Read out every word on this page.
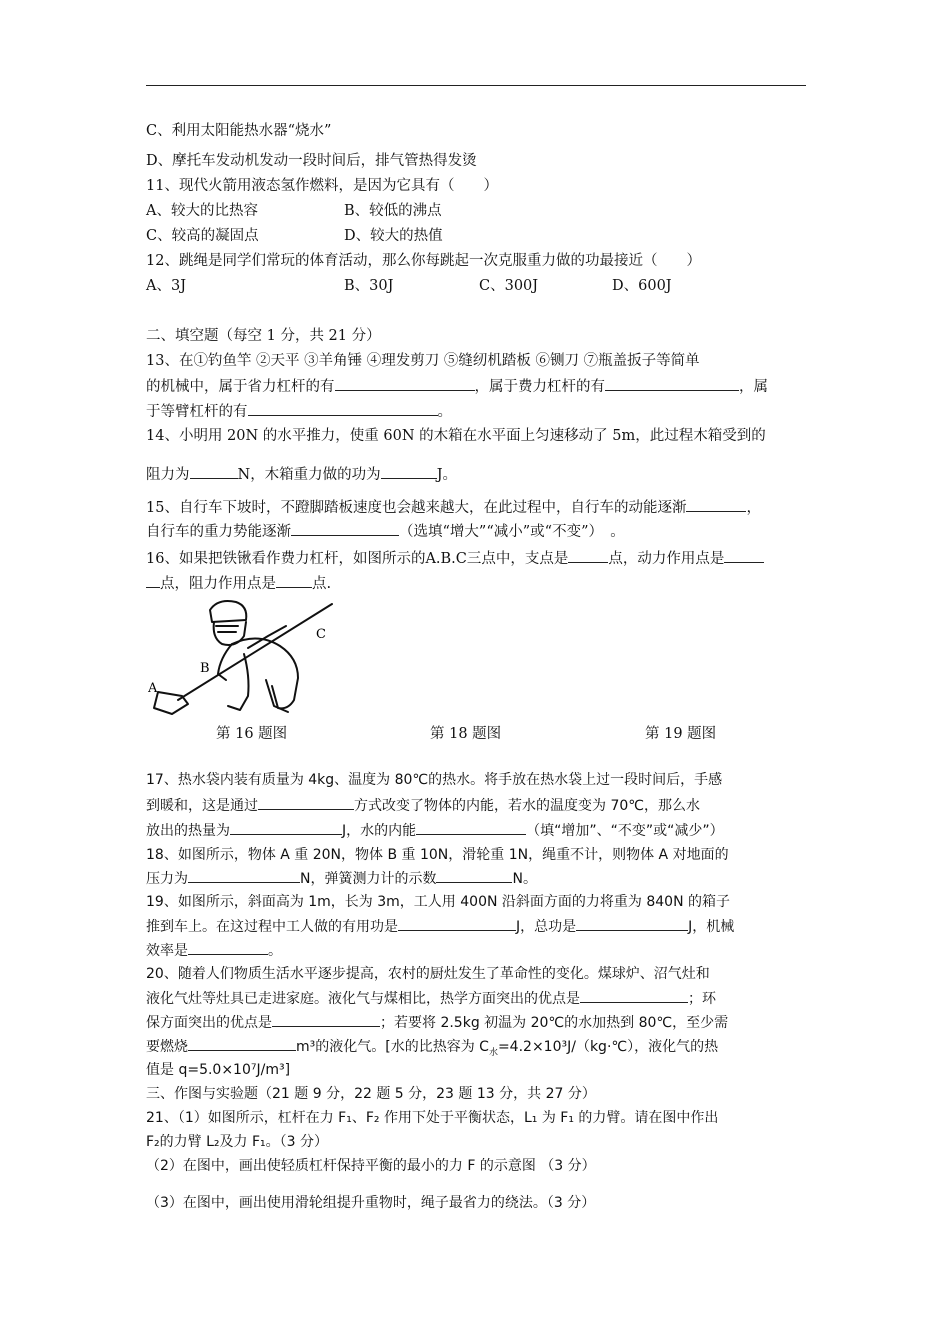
C、利用太阳能热水器“烧水”
D、摩托车发动机发动一段时间后，排气管热得发烫
11、现代火箭用液态氢作燃料，是因为它具有（　　）
A、较大的比热容	B、较低的沸点
C、较高的凝固点	D、较大的热值
12、跳绳是同学们常玩的体育活动，那么你每跳起一次克服重力做的功最接近（　　）
A、3J	B、30J	C、300J	D、600J
二、填空题（每空 1 分，共 21 分）
13、在①钓鱼竿 ②天平 ③羊角锤 ④理发剪刀 ⑤缝纫机踏板 ⑥铡刀 ⑦瓶盖扳子等简单
的机械中，属于省力杠杆的有	，属于费力杠杆的有	，属
于等臂杠杆的有	。
14、小明用 20N 的水平推力，使重 60N 的木箱在水平面上匀速移动了 5m，此过程木箱受到的
阻力为	N，木箱重力做的功为	J。
15、自行车下坡时，不蹬脚踏板速度也会越来越大，在此过程中，自行车的动能逐渐	，
自行车的重力势能逐渐	（选填“增大”“减小”或“不变”）　。
16、如果把铁锹看作费力杠杆，如图所示的A.B.C三点中，支点是	点，动力作用点是
点，阻力作用点是 点.
A
B
C
第 16 题图	第 18 题图	第 19 题图
17、热水袋内装有质量为 4kg、温度为 80℃的热水。将手放在热水袋上过一段时间后，手感
到暖和，这是通过	方式改变了物体的内能，若水的温度变为 70℃，那么水
放出的热量为	J，水的内能	（填“增加”、“不变”或“减少”）
18、如图所示，物体 A 重 20N，物体 B 重 10N，滑轮重 1N，绳重不计，则物体 A 对地面的
压力为	N，弹簧测力计的示数	N。
19、如图所示，斜面高为 1m，长为 3m，工人用 400N 沿斜面方面的力将重为 840N 的箱子
推到车上。在这过程中工人做的有用功是	J，总功是	J，机械
效率是	。
20、随着人们物质生活水平逐步提高，农村的厨灶发生了革命性的变化。煤球炉、沼气灶和
液化气灶等灶具已走进家庭。液化气与煤相比，热学方面突出的优点是	；环
保方面突出的优点是	；若要将 2.5kg 初温为 20℃的水加热到 80℃，至少需
要燃烧	m³的液化气。[水的比热容为 $C_水=4.2\times 10^3J/(kg\cdot℃)$，液化气的热
值是 q=5.0×10⁷J/m³]
三、作图与实验题（21 题 9 分，22 题 5 分，23 题 13 分，共 27 分）
21、（1）如图所示，杠杆在力 F₁、F₂ 作用下处于平衡状态，L₁ 为 F₁ 的力臂。请在图中作出
F₂的力臂 L₂及力 F₁。（3 分）
（2）在图中，画出使轻质杠杆保持平衡的最小的力 F 的示意图 （3 分）
（3）在图中，画出使用滑轮组提升重物时，绳子最省力的绕法。（3 分）
